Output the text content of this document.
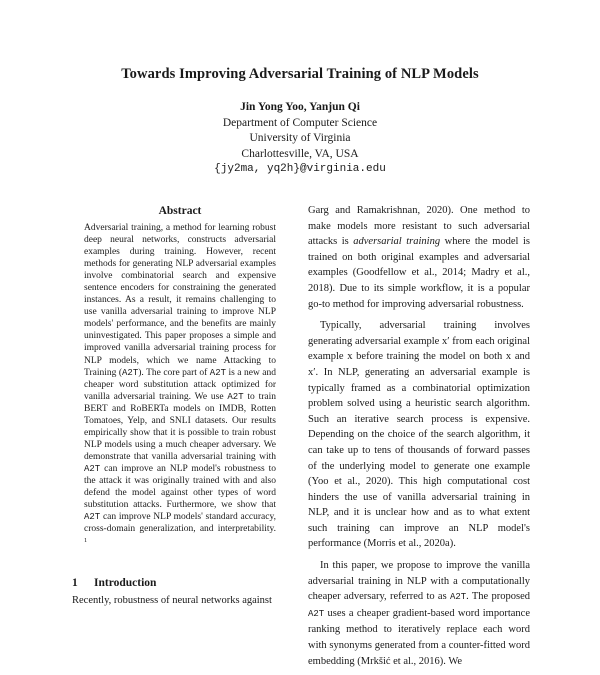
Towards Improving Adversarial Training of NLP Models
Jin Yong Yoo, Yanjun Qi
Department of Computer Science
University of Virginia
Charlottesville, VA, USA
{jy2ma, yq2h}@virginia.edu
Abstract
Adversarial training, a method for learning robust deep neural networks, constructs adversarial examples during training. However, recent methods for generating NLP adversarial examples involve combinatorial search and expensive sentence encoders for constraining the generated instances. As a result, it remains challenging to use vanilla adversarial training to improve NLP models' performance, and the benefits are mainly uninvestigated. This paper proposes a simple and improved vanilla adversarial training process for NLP models, which we name Attacking to Training (A2T). The core part of A2T is a new and cheaper word substitution attack optimized for vanilla adversarial training. We use A2T to train BERT and RoBERTa models on IMDB, Rotten Tomatoes, Yelp, and SNLI datasets. Our results empirically show that it is possible to train robust NLP models using a much cheaper adversary. We demonstrate that vanilla adversarial training with A2T can improve an NLP model's robustness to the attack it was originally trained with and also defend the model against other types of word substitution attacks. Furthermore, we show that A2T can improve NLP models' standard accuracy, cross-domain generalization, and interpretability. $^1$
1 Introduction
Recently, robustness of neural networks against

Garg and Ramakrishnan, 2020). One method to make models more resistant to such adversarial attacks is adversarial training where the model is trained on both original examples and adversarial examples (Goodfellow et al., 2014; Madry et al., 2018). Due to its simple workflow, it is a popular go-to method for improving adversarial robustness.

Typically, adversarial training involves generating adversarial example x′ from each original example x before training the model on both x and x′. In NLP, generating an adversarial example is typically framed as a combinatorial optimization problem solved using a heuristic search algorithm. Such an iterative search process is expensive. Depending on the choice of the search algorithm, it can take up to tens of thousands of forward passes of the underlying model to generate one example (Yoo et al., 2020). This high computational cost hinders the use of vanilla adversarial training in NLP, and it is unclear how and as to what extent such training can improve an NLP model's performance (Morris et al., 2020a).

In this paper, we propose to improve the vanilla adversarial training in NLP with a computationally cheaper adversary, referred to as A2T. The proposed A2T uses a cheaper gradient-based word importance ranking method to iteratively replace each word with synonyms generated from a counter-fitted word embedding (Mrkšić et al., 2016). We
